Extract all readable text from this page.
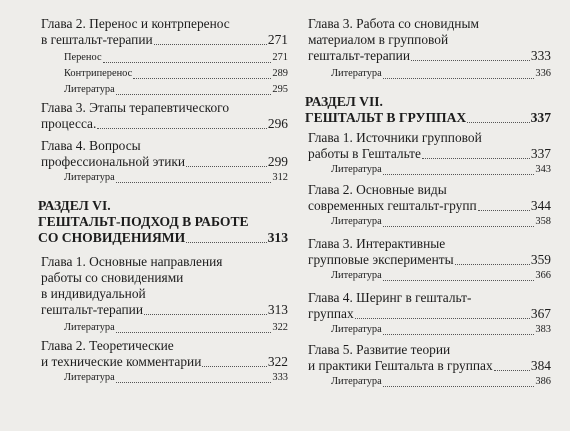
Глава 2. Перенос и контрперенос
в гештальт-терапии	271
Перенос	271
Контриперенос	289
Литература	295
Глава 3. Этапы терапевтического
процесса.	296
Глава 4. Вопросы
профессиональной этики	299
Литература	312
РАЗДЕЛ VI.
ГЕШТАЛЬТ-ПОДХОД В РАБОТЕ
СО СНОВИДЕНИЯМИ	313
Глава 1. Основные направления
работы со сновидениями
в индивидуальной
гештальт-терапии	313
Литература	322
Глава 2. Теоретические
и технические комментарии	322
Литература	333
Глава 3. Работа со сновидным
материалом в групповой
гештальт-терапии	333
Литература	336
РАЗДЕЛ VII.
ГЕШТАЛЬТ В ГРУППАХ	337
Глава 1. Источники групповой
работы в Гештальте	337
Литература	343
Глава 2. Основные виды
современных гештальт-групп	344
Литература	358
Глава 3. Интерактивные
групповые эксперименты	359
Литература	366
Глава 4. Шеринг в гештальт-
группах	367
Литература	383
Глава 5. Развитие теории
и практики Гештальта в группах	384
Литература	386
